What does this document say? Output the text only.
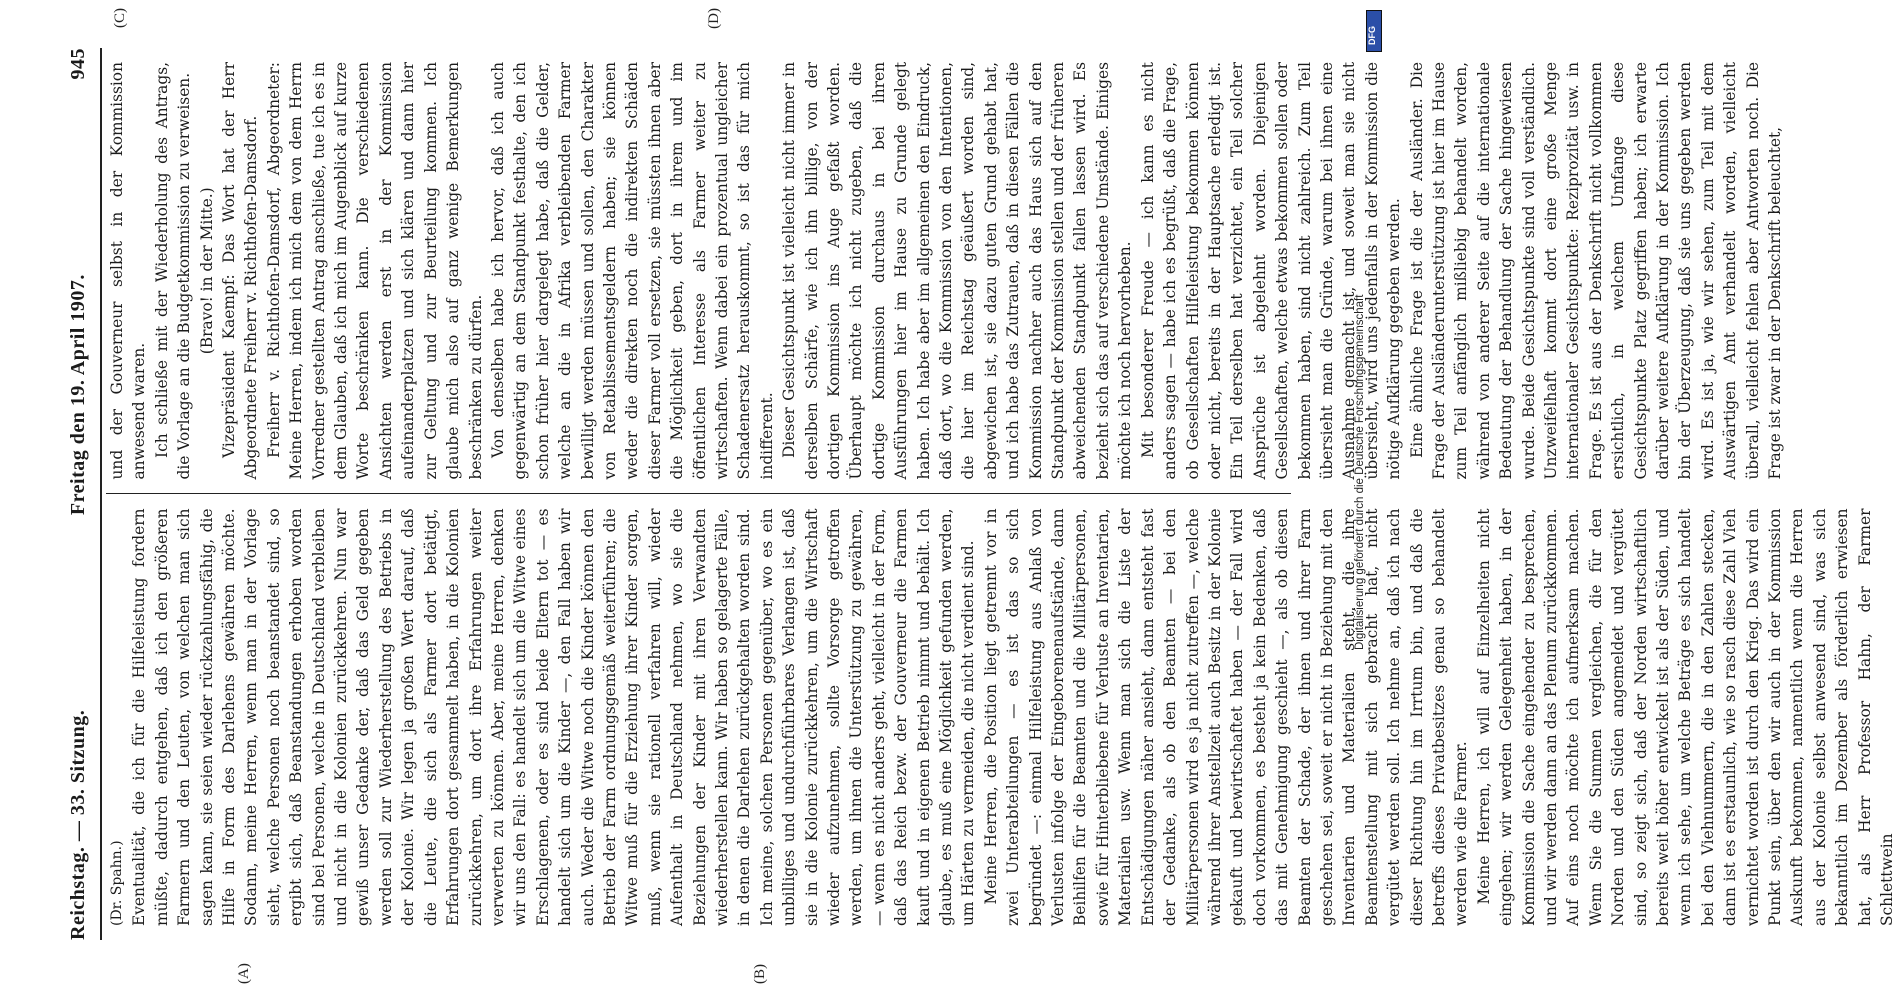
Reichstag. — 33. Sitzung.
Freitag den 19. April 1907.
945
(A)	(B)
(Dr. Spahn.) Eventualität, die ich für die Hilfeleistung fordern müßte, dadurch entgehen, daß ich den größeren Farmern und den Leuten, von welchen man sich sagen kann, sie seien wieder rückzahlungsfähig, die Hilfe in Form des Darlehens gewähren möchte. Sodann, meine Herren, wenn man in der Vorlage sieht, welche Personen noch beanstandet sind, so ergibt sich, daß Beanstandungen erhoben worden sind bei Personen, welche in Deutschland verbleiben und nicht in die Kolonien zurückkehren. Nun war gewiß unser Gedanke der, daß das Geld gegeben werden soll zur Wiederherstellung des Betriebs in der Kolonie. Wir legen ja großen Wert darauf, daß die Leute, die sich als Farmer dort betätigt, Erfahrungen dort gesammelt haben, in die Kolonien zurückkehren, um dort ihre Erfahrungen weiter verwerten zu können. Aber, meine Herren, denken wir uns den Fall: es handelt sich um die Witwe eines Erschlagenen, oder es sind beide Eltern tot — es handelt sich um die Kinder —, den Fall haben wir auch. Weder die Witwe noch die Kinder können den Betrieb der Farm ordnungsgemäß weiterführen; die Witwe muß für die Erziehung ihrer Kinder sorgen, muß, wenn sie rationell verfahren will, wieder Aufenthalt in Deutschland nehmen, wo sie die Beziehungen der Kinder mit ihren Verwandten wiederherstellen kann. Wir haben so gelagerte Fälle, in denen die Darlehen zurückgehalten worden sind. Ich meine, solchen Personen gegenüber, wo es ein unbilliges und undurchführbares Verlangen ist, daß sie in die Kolonie zurückkehren, um die Wirtschaft wieder aufzunehmen, sollte Vorsorge getroffen werden, um ihnen die Unterstützung zu gewähren, — wenn es nicht anders geht, vielleicht in der Form, daß das Reich bezw. der Gouverneur die Farmen kauft und in eigenen Betrieb nimmt und behält. Ich glaube, es muß eine Möglichkeit gefunden werden, um Härten zu vermeiden, die nicht verdient sind. Meine Herren, die Position liegt getrennt vor in zwei Unterabteilungen — es ist das so sich begründet —: einmal Hilfeleistung aus Anlaß von Verlusten infolge der Eingeborenenaufstände, dann Beihilfen für die Beamten und die Militärpersonen, sowie für Hinterbliebene für Verluste an Inventarien, Materialien usw. Wenn man sich die Liste der Entschädigungen näher ansieht, dann entsteht fast der Gedanke, als ob den Beamten — bei den Militärpersonen wird es ja nicht zutreffen —, welche während ihrer Anstellzeit auch Besitz in der Kolonie gekauft und bewirtschaftet haben — der Fall wird doch vorkommen, es besteht ja kein Bedenken, daß das mit Genehmigung geschieht —, als ob diesen Beamten der Schade, der ihnen und ihrer Farm geschehen sei, soweit er nicht in Beziehung mit den Inventarien und Materialien steht, die ihre Beamtenstellung mit sich gebracht hat, nicht vergütet werden soll. Ich nehme an, daß ich nach dieser Richtung hin im Irrtum bin, und daß die betreffs dieses Privatbesitzes genau so behandelt werden wie die Farmer. Meine Herren, ich will auf Einzelheiten nicht eingehen; wir werden Gelegenheit haben, in der Kommission die Sache eingehender zu besprechen, und wir werden dann an das Plenum zurückkommen. Auf eins noch möchte ich aufmerksam machen. Wenn Sie die Summen vergleichen, die für den Norden und den Süden angemeldet und vergütet sind, so zeigt sich, daß der Norden wirtschaftlich bereits weit höher entwickelt ist als der Süden, und wenn ich sehe, um welche Beträge es sich handelt bei den Viehnummern, die in den Zahlen stecken, dann ist es erstaunlich, wie so rasch diese Zahl Vieh vernichtet worden ist durch den Krieg. Das wird ein Punkt sein, über den wir auch in der Kommission Auskunft bekommen, namentlich wenn die Herren aus der Kolonie selbst anwesend sind, was sich bekanntlich im Dezember als förderlich erwiesen hat, als Herr Professor Hahn, der Farmer Schlettwein

(C)	(D)

und der Gouverneur selbst in der Kommission anwesend waren. Ich schließe mit der Wiederholung des Antrags, die Vorlage an die Budgetkommission zu verweisen. (Bravo! in der Mitte.) Vizepräsident Kaempf: Das Wort hat der Herr Abgeordnete Freiherr v. Richthofen-Damsdorf. Freiherr v. Richthofen-Damsdorf, Abgeordneter: Meine Herren, indem ich mich dem von dem Herrn Vorredner gestellten Antrag anschließe, tue ich es in dem Glauben, daß ich mich im Augenblick auf kurze Worte beschränken kann. Die verschiedenen Ansichten werden erst in der Kommission aufeinanderplatzen und sich klären und dann hier zur Geltung und zur Beurteilung kommen. Ich glaube mich also auf ganz wenige Bemerkungen beschränken zu dürfen. Von denselben habe ich hervor, daß ich auch gegenwärtig an dem Standpunkt festhalte, den ich schon früher hier dargelegt habe, daß die Gelder, welche an die in Afrika verbleibenden Farmer bewilligt werden müssen und sollen, den Charakter von Retablissementsgeldern haben; sie können weder die direkten noch die indirekten Schäden dieser Farmer voll ersetzen, sie müssten ihnen aber die Möglichkeit geben, dort in ihrem und im öffentlichen Interesse als Farmer weiter zu wirtschaften. Wenn dabei ein prozentual ungleicher Schadenersatz herauskommt, so ist das für mich indifferent. Dieser Gesichtspunkt ist vielleicht nicht immer in derselben Schärfe, wie ich ihn billige, von der dortigen Kommission ins Auge gefaßt worden. Überhaupt möchte ich nicht zugeben, daß die dortige Kommission durchaus in bei ihren Ausführungen hier im Hause zu Grunde gelegt haben. Ich habe aber im allgemeinen den Eindruck, daß dort, wo die Kommission von den Intentionen, die hier im Reichstag geäußert worden sind, abgewichen ist, sie dazu guten Grund gehabt hat, und ich habe das Zutrauen, daß in diesen Fällen die Kommission nachher auch das Haus sich auf den Standpunkt der Kommission stellen und der früheren abweichenden Standpunkt fallen lassen wird. Es bezieht sich das auf verschiedene Umstände. Einiges möchte ich noch hervorheben. Mit besonderer Freude — ich kann es nicht anders sagen — habe ich es begrüßt, daß die Frage, ob Gesellschaften Hilfeleistung bekommen können oder nicht, bereits in der Hauptsache erledigt ist. Ein Teil derselben hat verzichtet, ein Teil solcher Ansprüche ist abgelehnt worden. Diejenigen Gesellschaften, welche etwas bekommen sollen oder bekommen haben, sind nicht zahlreich. Zum Teil übersieht man die Gründe, warum bei ihnen eine Ausnahme gemacht ist, und soweit man sie nicht übersieht, wird uns jedenfalls in der Kommission die nötige Aufklärung gegeben werden. Eine ähnliche Frage ist die der Ausländer. Die Frage der Ausländerunterstützung ist hier im Hause zum Teil anfänglich mißliebig behandelt worden, während von anderer Seite auf die internationale Bedeutung der Behandlung der Sache hingewiesen wurde. Beide Gesichtspunkte sind voll verständlich. Unzweifelhaft kommt dort eine große Menge internationaler Gesichtspunkte: Reziprozität usw. in Frage. Es ist aus der Denkschrift nicht vollkommen ersichtlich, in welchem Umfange diese Gesichtspunkte Platz gegriffen haben; ich erwarte darüber weitere Aufklärung in der Kommission. Ich bin der Überzeugung, daß sie uns gegeben werden wird. Es ist ja, wie wir sehen, zum Teil mit dem Auswärtigen Amt verhandelt worden, vielleicht überall, vielleicht fehlen aber Antworten noch. Die Frage ist zwar in der Denkschrift beleuchtet,

Digitalisierung gefördert durch die Deutsche Forschungsgemeinschaft
DFG
